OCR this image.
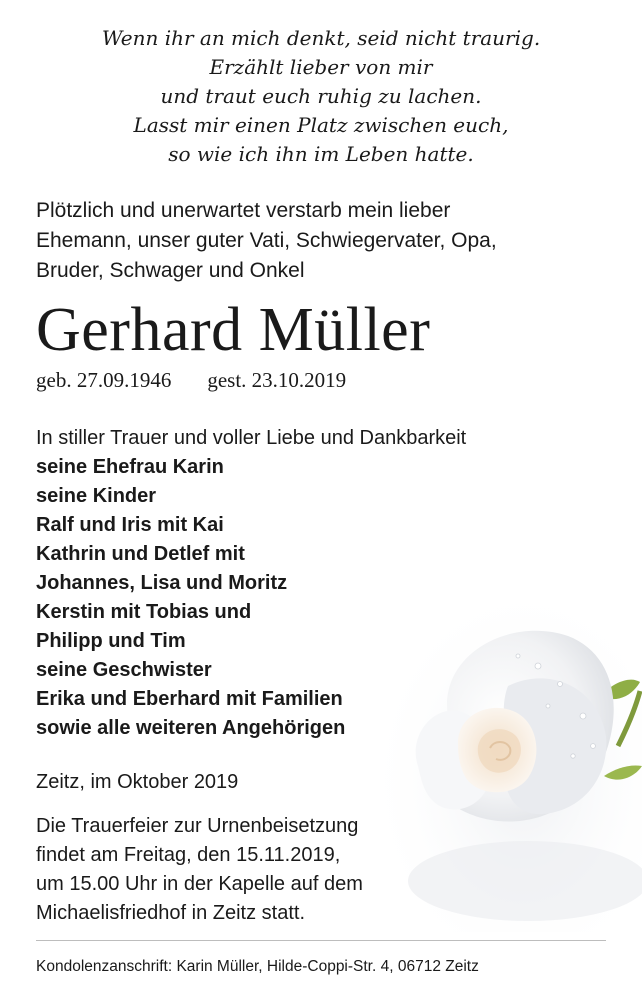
Wenn ihr an mich denkt, seid nicht traurig.
Erzählt lieber von mir
und traut euch ruhig zu lachen.
Lasst mir einen Platz zwischen euch,
so wie ich ihn im Leben hatte.
Plötzlich und unerwartet verstarb mein lieber
Ehemann, unser guter Vati, Schwiegervater, Opa,
Bruder, Schwager und Onkel
Gerhard Müller
geb. 27.09.1946 gest. 23.10.2019
In stiller Trauer und voller Liebe und Dankbarkeit
seine Ehefrau Karin
seine Kinder
Ralf und Iris mit Kai
Kathrin und Detlef mit
Johannes, Lisa und Moritz
Kerstin mit Tobias und
Philipp und Tim
seine Geschwister
Erika und Eberhard mit Familien
sowie alle weiteren Angehörigen
Zeitz, im Oktober 2019
Die Trauerfeier zur Urnenbeisetzung
findet am Freitag, den 15.11.2019,
um 15.00 Uhr in der Kapelle auf dem
Michaelisfriedhof in Zeitz statt.
Kondolenzanschrift: Karin Müller, Hilde-Coppi-Str. 4, 06712 Zeitz
